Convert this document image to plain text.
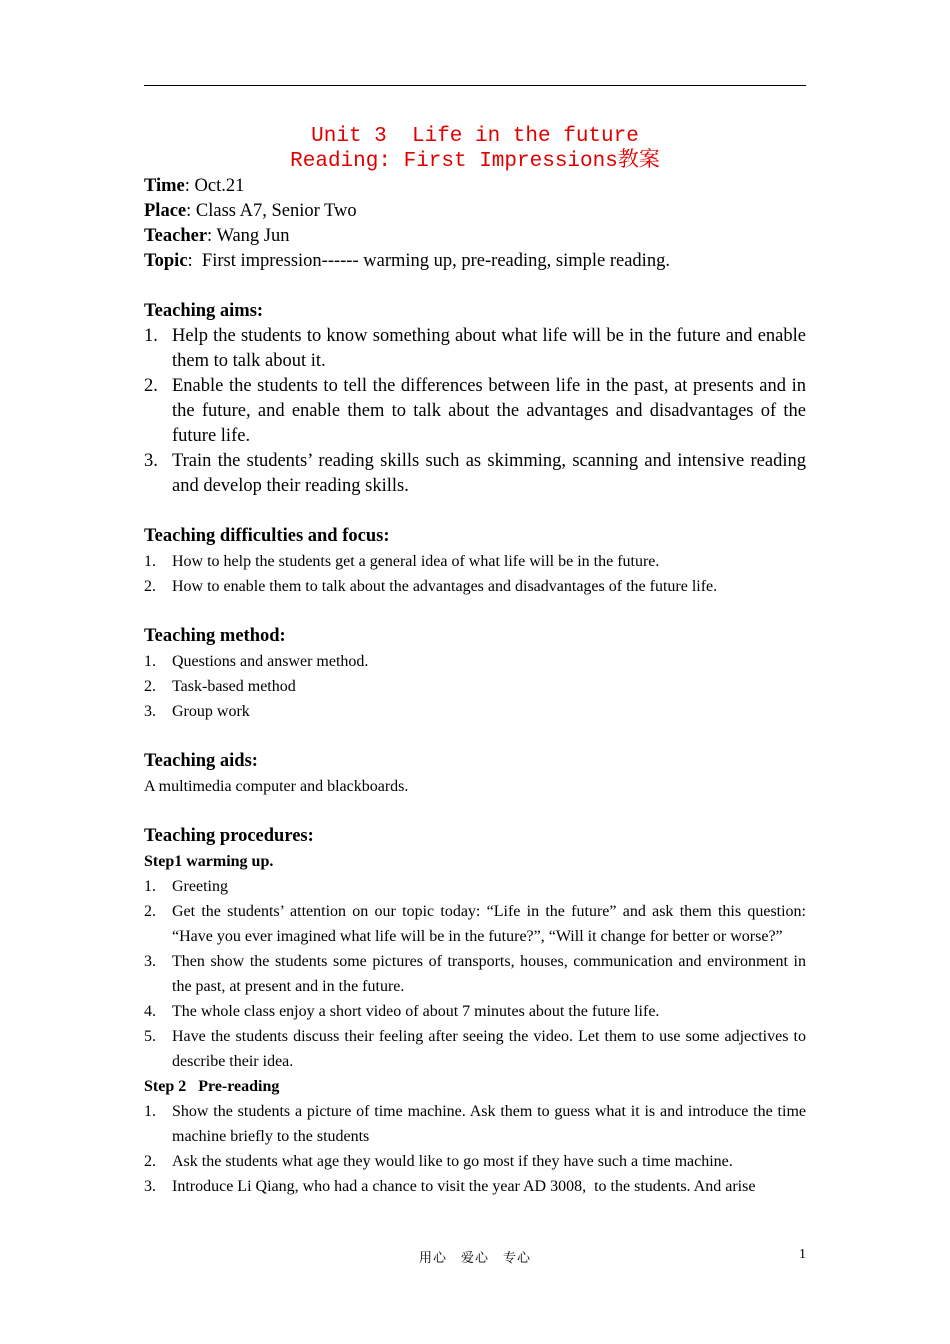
Unit 3  Life in the future
Reading: First Impressions教案
Time: Oct.21
Place: Class A7, Senior Two
Teacher: Wang Jun
Topic:  First impression------ warming up, pre-reading, simple reading.
Teaching aims:
1. Help the students to know something about what life will be in the future and enable them to talk about it.
2. Enable the students to tell the differences between life in the past, at presents and in the future, and enable them to talk about the advantages and disadvantages of the future life.
3. Train the students’ reading skills such as skimming, scanning and intensive reading and develop their reading skills.
Teaching difficulties and focus:
1. How to help the students get a general idea of what life will be in the future.
2. How to enable them to talk about the advantages and disadvantages of the future life.
Teaching method:
1. Questions and answer method.
2. Task-based method
3. Group work
Teaching aids:
A multimedia computer and blackboards.
Teaching procedures:
Step1 warming up.
1. Greeting
2. Get the students’ attention on our topic today: “Life in the future” and ask them this question: “Have you ever imagined what life will be in the future?”, “Will it change for better or worse?”
3. Then show the students some pictures of transports, houses, communication and environment in the past, at present and in the future.
4. The whole class enjoy a short video of about 7 minutes about the future life.
5. Have the students discuss their feeling after seeing the video. Let them to use some adjectives to describe their idea.
Step 2   Pre-reading
1. Show the students a picture of time machine. Ask them to guess what it is and introduce the time machine briefly to the students
2. Ask the students what age they would like to go most if they have such a time machine.
3. Introduce Li Qiang, who had a chance to visit the year AD 3008,  to the students. And arise
用心　爱心　专心	1
